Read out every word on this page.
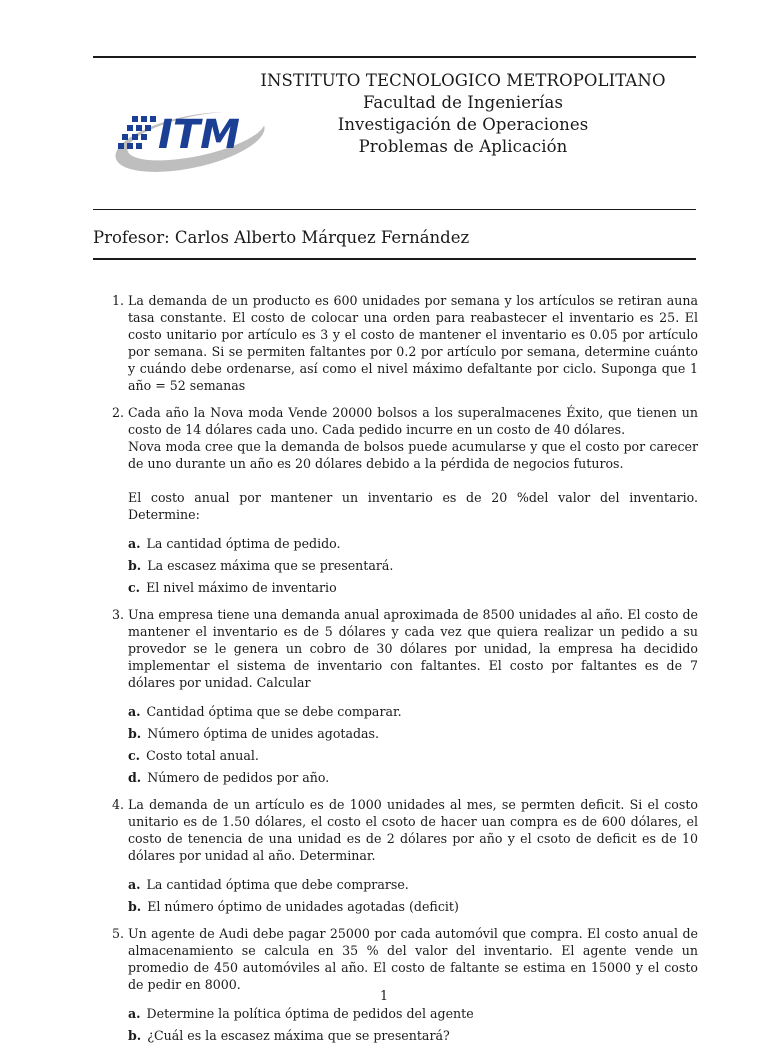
ITM
INSTITUTO TECNOLOGICO METROPOLITANO
Facultad de Ingenierías
Investigación de Operaciones
Problemas de Aplicación
Profesor: Carlos Alberto Márquez Fernández
1. La demanda de un producto es 600 unidades por semana y los artículos se retiran auna tasa constante. El costo de colocar una orden para reabastecer el inventario es 25. El costo unitario por artículo es 3 y el costo de mantener el inventario es 0.05 por artículo por semana. Si se permiten faltantes por 0.2 por artículo por semana, determine cuánto y cuándo debe ordenarse, así como el nivel máximo defaltante por ciclo. Suponga que 1 año = 52 semanas
2. Cada año la Nova moda Vende 20000 bolsos a los superalmacenes Éxito, que tienen un costo de 14 dólares cada uno. Cada pedido incurre en un costo de 40 dólares.
Nova moda cree que la demanda de bolsos puede acumularse y que el costo por carecer de uno durante un año es 20 dólares debido a la pérdida de negocios futuros.
El costo anual por mantener un inventario es de 20 %del valor del inventario. Determine:
a. La cantidad óptima de pedido.
b. La escasez máxima que se presentará.
c. El nivel máximo de inventario
3. Una empresa tiene una demanda anual aproximada de 8500 unidades al año. El costo de mantener el inventario es de 5 dólares y cada vez que quiera realizar un pedido a su provedor se le genera un cobro de 30 dólares por unidad, la empresa ha decidido implementar el sistema de inventario con faltantes. El costo por faltantes es de 7 dólares por unidad. Calcular
a. Cantidad óptima que se debe comparar.
b. Número óptima de unides agotadas.
c. Costo total anual.
d. Número de pedidos por año.
4. La demanda de un artículo es de 1000 unidades al mes, se permten deficit. Si el costo unitario es de 1.50 dólares, el costo el csoto de hacer uan compra es de 600 dólares, el costo de tenencia de una unidad es de 2 dólares por año y el csoto de deficit es de 10 dólares por unidad al año. Determinar.
a. La cantidad óptima que debe comprarse.
b. El número óptimo de unidades agotadas (deficit)
5. Un agente de Audi debe pagar 25000 por cada automóvil que compra. El costo anual de almacenamiento se calcula en 35 % del valor del inventario. El agente vende un promedio de 450 automóviles al año. El costo de faltante se estima en 15000 y el costo de pedir en 8000.
a. Determine la política óptima de pedidos del agente
b. ¿Cuál es la escasez máxima que se presentará?
1
